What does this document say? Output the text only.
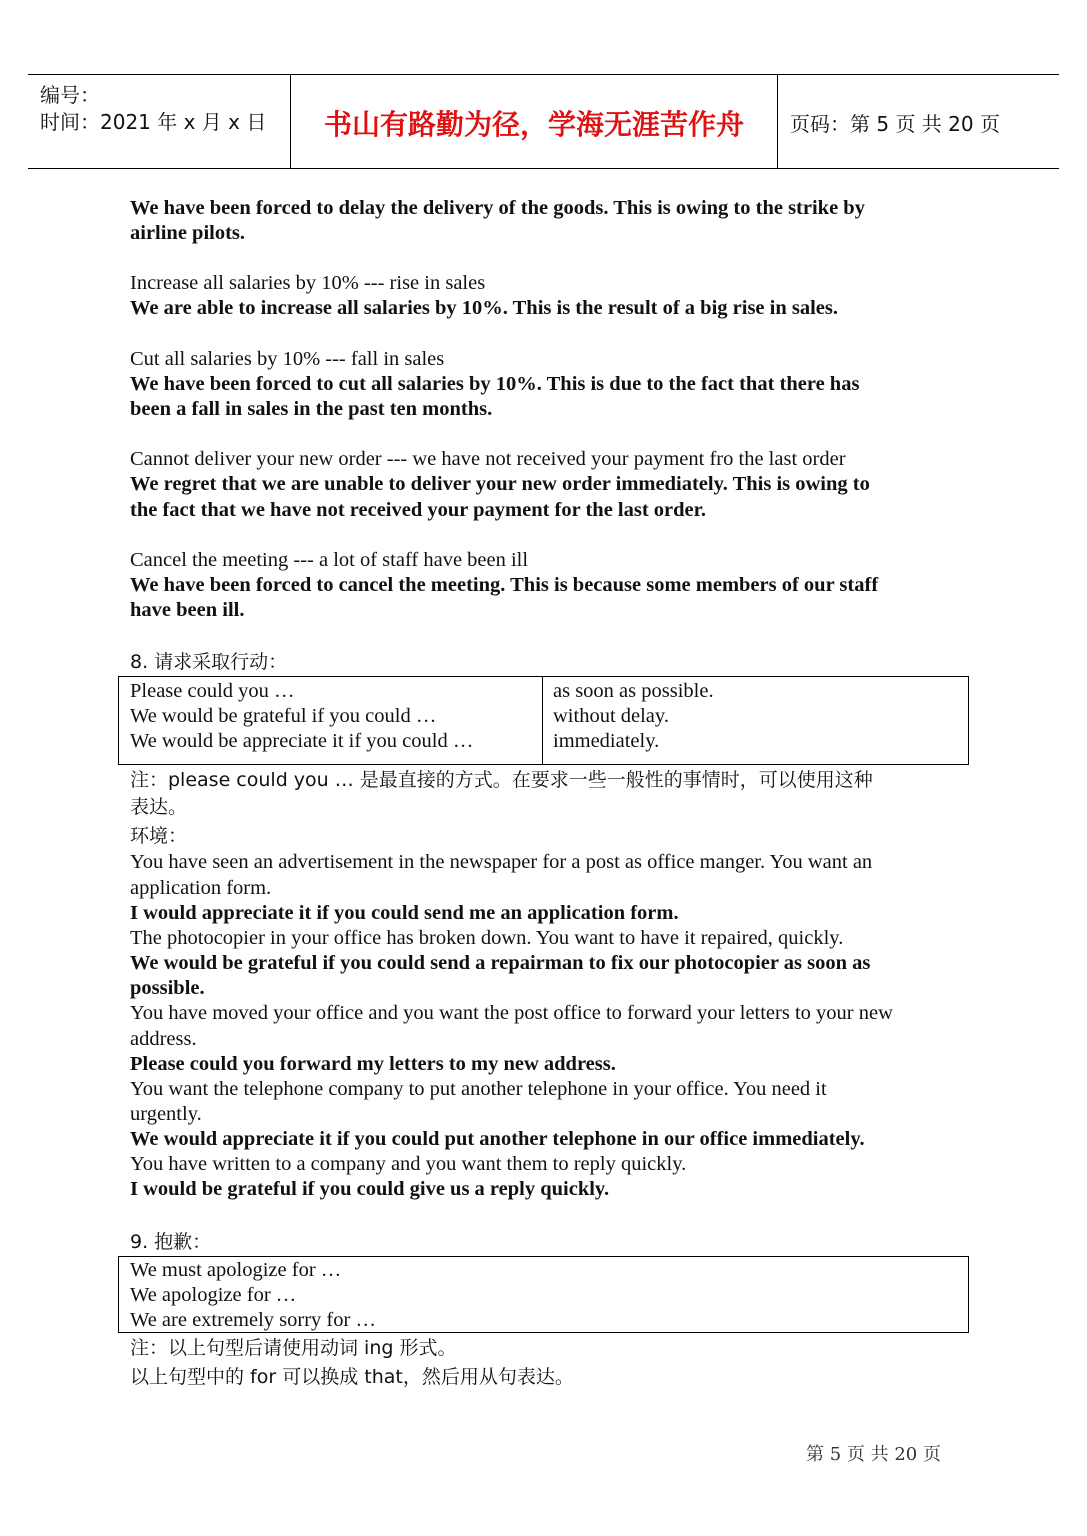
编号：
时间：2021 年 x 月 x 日	书山有路勤为径，学海无涯苦作舟	页码：第 5 页 共 20 页
We have been forced to delay the delivery of the goods. This is owing to the strike by
airline pilots.
Increase all salaries by 10% --- rise in sales
We are able to increase all salaries by 10%. This is the result of a big rise in sales.
Cut all salaries by 10% --- fall in sales
We have been forced to cut all salaries by 10%. This is due to the fact that there has
been a fall in sales in the past ten months.
Cannot deliver your new order --- we have not received your payment fro the last order
We regret that we are unable to deliver your new order immediately. This is owing to
the fact that we have not received your payment for the last order.
Cancel the meeting --- a lot of staff have been ill
We have been forced to cancel the meeting. This is because some members of our staff
have been ill.
8. 请求采取行动：
Please could you …
We would be grateful if you could …
We would be appreciate it if you could …
as soon as possible.
without delay.
immediately.
注：please could you … 是最直接的方式。在要求一些一般性的事情时，可以使用这种
表达。
环境：
You have seen an advertisement in the newspaper for a post as office manger. You want an
application form.
I would appreciate it if you could send me an application form.
The photocopier in your office has broken down. You want to have it repaired, quickly.
We would be grateful if you could send a repairman to fix our photocopier as soon as
possible.
You have moved your office and you want the post office to forward your letters to your new
address.
Please could you forward my letters to my new address.
You want the telephone company to put another telephone in your office. You need it
urgently.
We would appreciate it if you could put another telephone in our office immediately.
You have written to a company and you want them to reply quickly.
I would be grateful if you could give us a reply quickly.
9. 抱歉：
We must apologize for …
We apologize for …
We are extremely sorry for …
注：以上句型后请使用动词 ing 形式。
以上句型中的 for 可以换成 that，然后用从句表达。
第 5 页 共 20 页
